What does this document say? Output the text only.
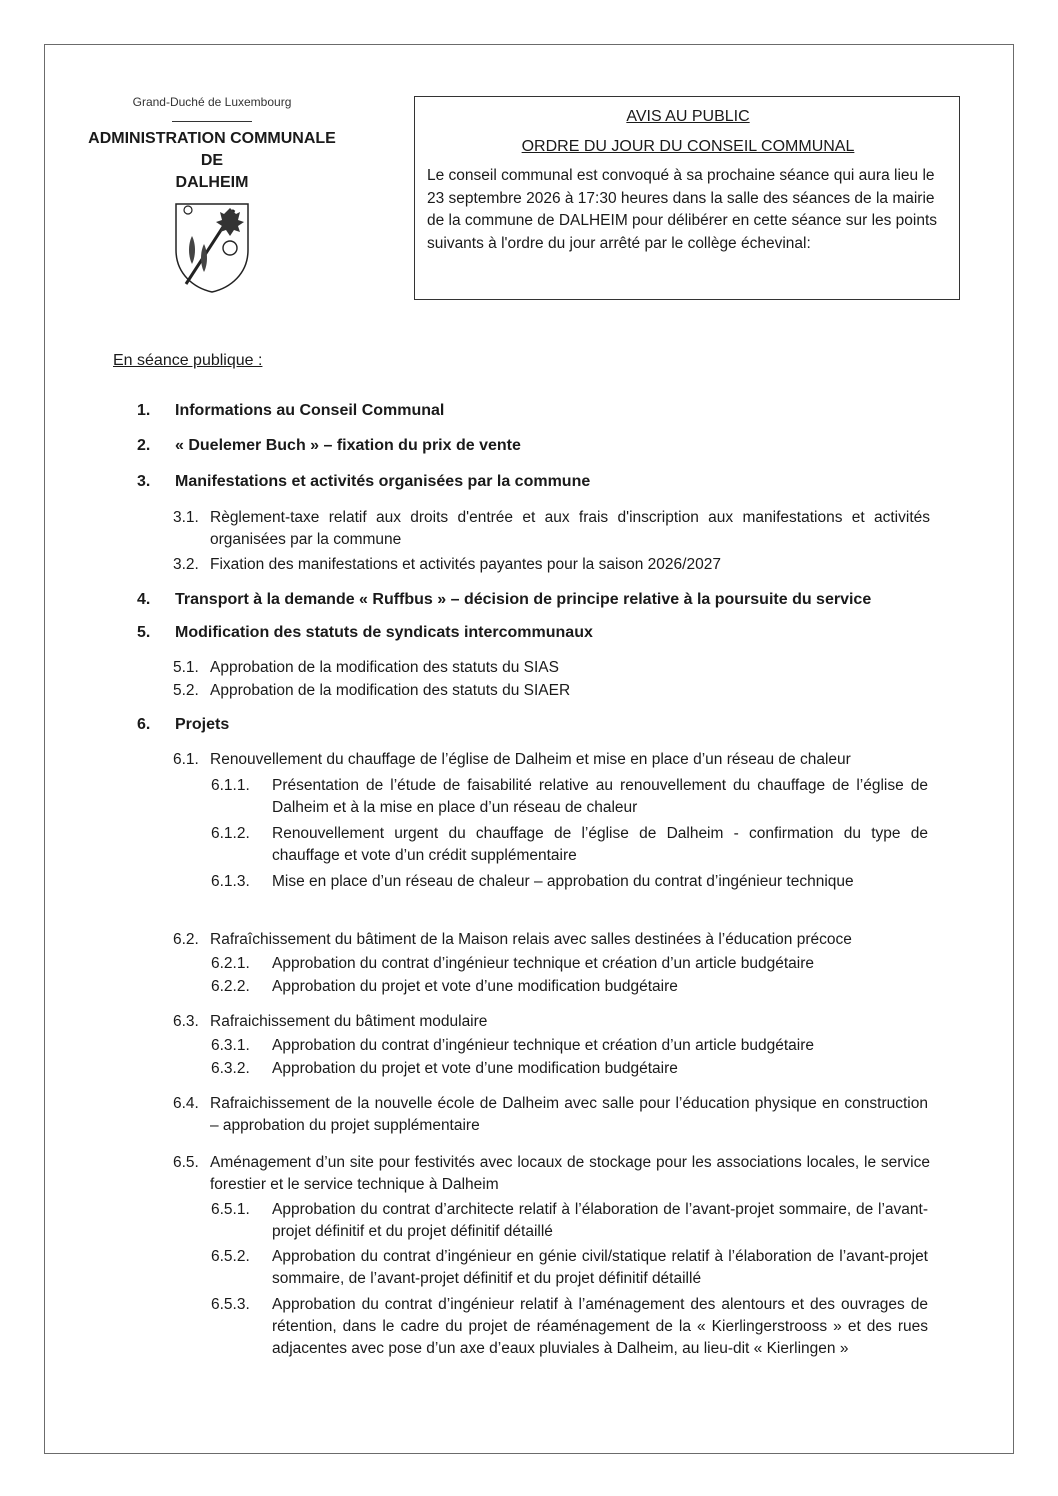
Grand-Duché de Luxembourg
ADMINISTRATION COMMUNALE
DE
DALHEIM
AVIS AU PUBLIC
ORDRE DU JOUR DU CONSEIL COMMUNAL
Le conseil communal est convoqué à sa prochaine séance qui aura lieu le 23 septembre 2026 à 17:30 heures dans la salle des séances de la mairie de la commune de DALHEIM pour délibérer en cette séance sur les points suivants à l'ordre du jour arrêté par le collège échevinal:
En séance publique :
1. Informations au Conseil Communal
2. « Duelemer Buch » – fixation du prix de vente
3. Manifestations et activités organisées par la commune
3.1. Règlement-taxe relatif aux droits d'entrée et aux frais d'inscription aux manifestations et activités organisées par la commune
3.2. Fixation des manifestations et activités payantes pour la saison 2026/2027
4. Transport à la demande « Ruffbus » – décision de principe relative à la poursuite du service
5. Modification des statuts de syndicats intercommunaux
5.1. Approbation de la modification des statuts du SIAS
5.2. Approbation de la modification des statuts du SIAER
6. Projets
6.1. Renouvellement du chauffage de l’église de Dalheim et mise en place d’un réseau de chaleur
6.1.1. Présentation de l’étude de faisabilité relative au renouvellement du chauffage de l’église de Dalheim et à la mise en place d’un réseau de chaleur
6.1.2. Renouvellement urgent du chauffage de l’église de Dalheim - confirmation du type de chauffage et vote d’un crédit supplémentaire
6.1.3. Mise en place d’un réseau de chaleur – approbation du contrat d’ingénieur technique
6.2. Rafraîchissement du bâtiment de la Maison relais avec salles destinées à l’éducation précoce
6.2.1. Approbation du contrat d’ingénieur technique et création d’un article budgétaire
6.2.2. Approbation du projet et vote d’une modification budgétaire
6.3. Rafraichissement du bâtiment modulaire
6.3.1. Approbation du contrat d’ingénieur technique et création d’un article budgétaire
6.3.2. Approbation du projet et vote d’une modification budgétaire
6.4. Rafraichissement de la nouvelle école de Dalheim avec salle pour l’éducation physique en construction – approbation du projet supplémentaire
6.5. Aménagement d’un site pour festivités avec locaux de stockage pour les associations locales, le service forestier et le service technique à Dalheim
6.5.1. Approbation du contrat d’architecte relatif à l’élaboration de l’avant-projet sommaire, de l’avant-projet définitif et du projet définitif détaillé
6.5.2. Approbation du contrat d’ingénieur en génie civil/statique relatif à l’élaboration de l’avant-projet sommaire, de l’avant-projet définitif et du projet définitif détaillé
6.5.3. Approbation du contrat d’ingénieur relatif à l’aménagement des alentours et des ouvrages de rétention, dans le cadre du projet de réaménagement de la « Kierlingerstrooss » et des rues adjacentes avec pose d’un axe d’eaux pluviales à Dalheim, au lieu-dit « Kierlingen »
